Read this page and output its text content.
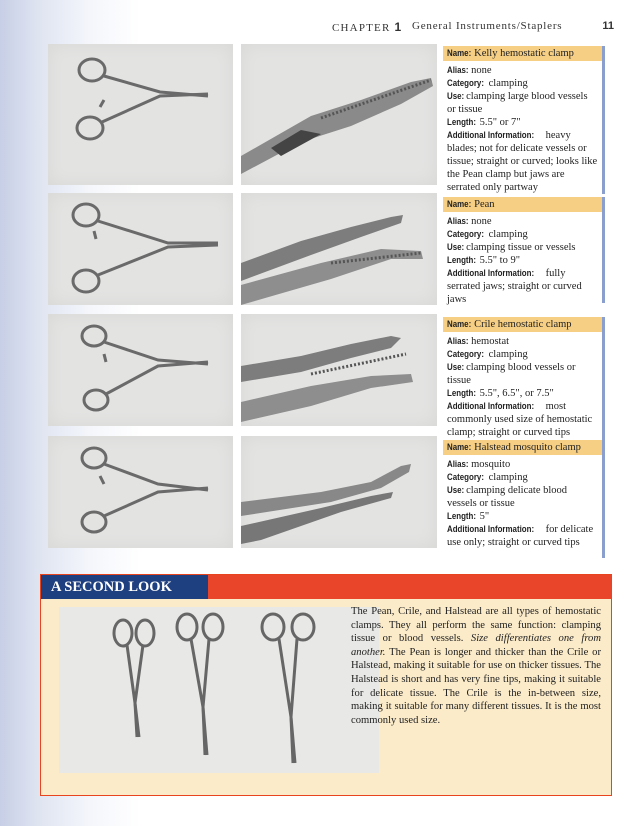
CHAPTER 1 General Instruments/Staplers	11
Name: Kelly hemostatic clamp
Alias: none
Category: clamping
Use: clamping large blood vessels or tissue
Length: 5.5" or 7"
Additional Information: heavy blades; not for delicate vessels or tissue; straight or curved; looks like the Pean clamp but jaws are serrated only partway
Name: Pean
Alias: none
Category: clamping
Use: clamping tissue or vessels
Length: 5.5" to 9"
Additional Information: fully serrated jaws; straight or curved jaws
Name: Crile hemostatic clamp
Alias: hemostat
Category: clamping
Use: clamping blood vessels or tissue
Length: 5.5", 6.5", or 7.5"
Additional Information: most commonly used size of hemostatic clamp; straight or curved tips
Name: Halstead mosquito clamp
Alias: mosquito
Category: clamping
Use: clamping delicate blood vessels or tissue
Length: 5"
Additional Information: for delicate use only; straight or curved tips
A SECOND LOOK
The Pean, Crile, and Halstead are all types of hemostatic clamps. They all perform the same function: clamping tissue or blood vessels. Size differentiates one from another. The Pean is longer and thicker than the Crile or Halstead, making it suitable for use on thicker tissues. The Halstead is short and has very fine tips, making it suitable for delicate tissue. The Crile is the in-between size, making it suitable for many different tissues. It is the most commonly used size.
